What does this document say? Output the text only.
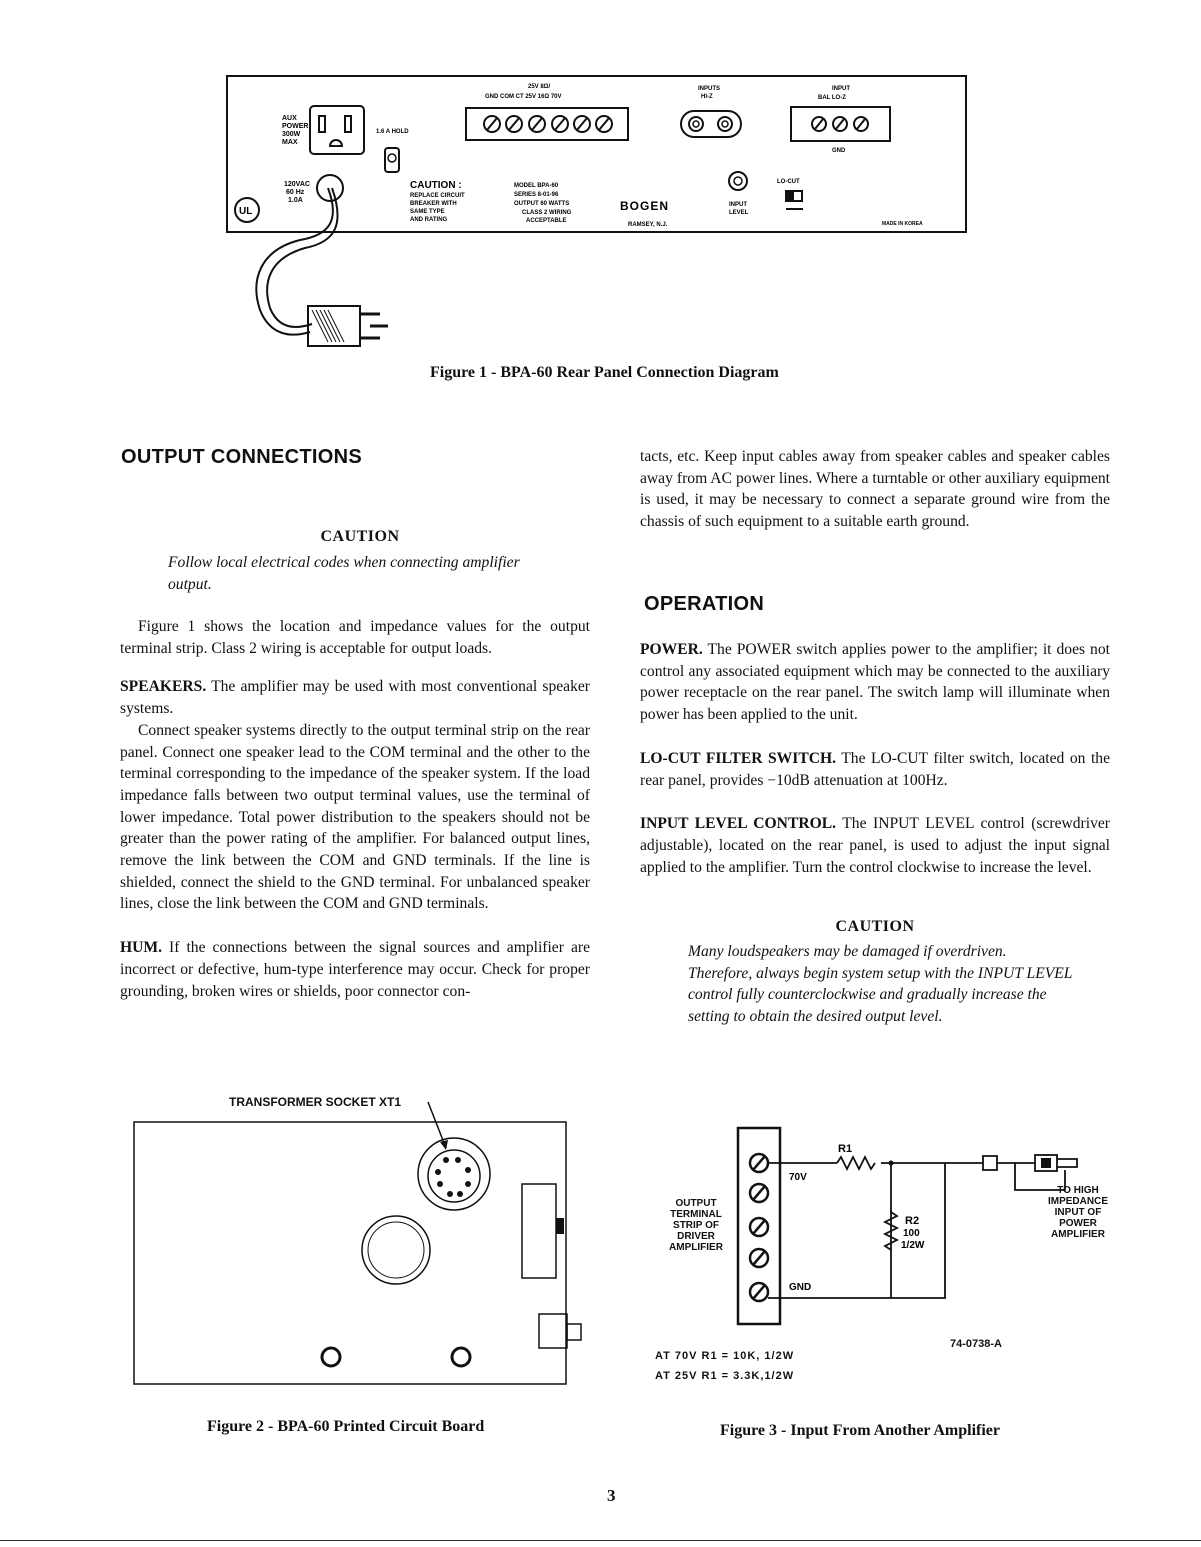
AUX
POWER
300W
MAX
1.6 A HOLD
25V 8Ω/
GND COM CT 25V 16Ω 70V
INPUTS
HI-Z
INPUT
BAL LO-Z
GND
UL
120VAC
60 Hz
1.0A
CAUTION :
REPLACE CIRCUIT
BREAKER WITH
SAME TYPE
AND RATING
MODEL BPA-60
SERIES 8-01-96
OUTPUT 60 WATTS
CLASS 2 WIRING
ACCEPTABLE
BOGEN
RAMSEY, N.J.
INPUT
LEVEL
LO-CUT
MADE IN KOREA
Figure 1 - BPA-60 Rear Panel Connection Diagram
OUTPUT CONNECTIONS
CAUTION
Follow local electrical codes when connecting amplifier output.

Figure 1 shows the location and impedance values for the output terminal strip. Class 2 wiring is acceptable for output loads.

SPEAKERS. The amplifier may be used with most conventional speaker systems.

Connect speaker systems directly to the output terminal strip on the rear panel. Connect one speaker lead to the COM terminal and the other to the terminal corresponding to the impedance of the speaker system. If the load impedance falls between two output terminal values, use the terminal of lower impedance. Total power distribution to the speakers should not be greater than the power rating of the amplifier. For balanced output lines, remove the link between the COM and GND terminals. If the line is shielded, connect the shield to the GND terminal. For unbalanced speaker lines, close the link between the COM and GND terminals.

HUM. If the connections between the signal sources and amplifier are incorrect or defective, hum-type interference may occur. Check for proper grounding, broken wires or shields, poor connector con-

tacts, etc. Keep input cables away from speaker cables and speaker cables away from AC power lines. Where a turntable or other auxiliary equipment is used, it may be necessary to connect a separate ground wire from the chassis of such equipment to a suitable earth ground.

OPERATION

POWER. The POWER switch applies power to the amplifier; it does not control any associated equipment which may be connected to the auxiliary power receptacle on the rear panel. The switch lamp will illuminate when power has been applied to the unit.

LO-CUT FILTER SWITCH. The LO-CUT filter switch, located on the rear panel, provides −10dB attenuation at 100Hz.

INPUT LEVEL CONTROL. The INPUT LEVEL control (screwdriver adjustable), located on the rear panel, is used to adjust the input signal applied to the amplifier. Turn the control clockwise to increase the level.

CAUTION
Many loudspeakers may be damaged if overdriven. Therefore, always begin system setup with the INPUT LEVEL control fully counterclockwise and gradually increase the setting to obtain the desired output level.
TRANSFORMER SOCKET XT1
Figure 2 - BPA-60 Printed Circuit Board
70V
GND
R1
R2
100
1/2W
OUTPUT
TERMINAL
STRIP OF
DRIVER
AMPLIFIER
TO HIGH
IMPEDANCE
INPUT OF
POWER
AMPLIFIER
74-0738-A
AT 70V R1 = 10K, 1/2W
AT 25V R1 = 3.3K,1/2W
Figure 3 - Input From Another Amplifier
3
